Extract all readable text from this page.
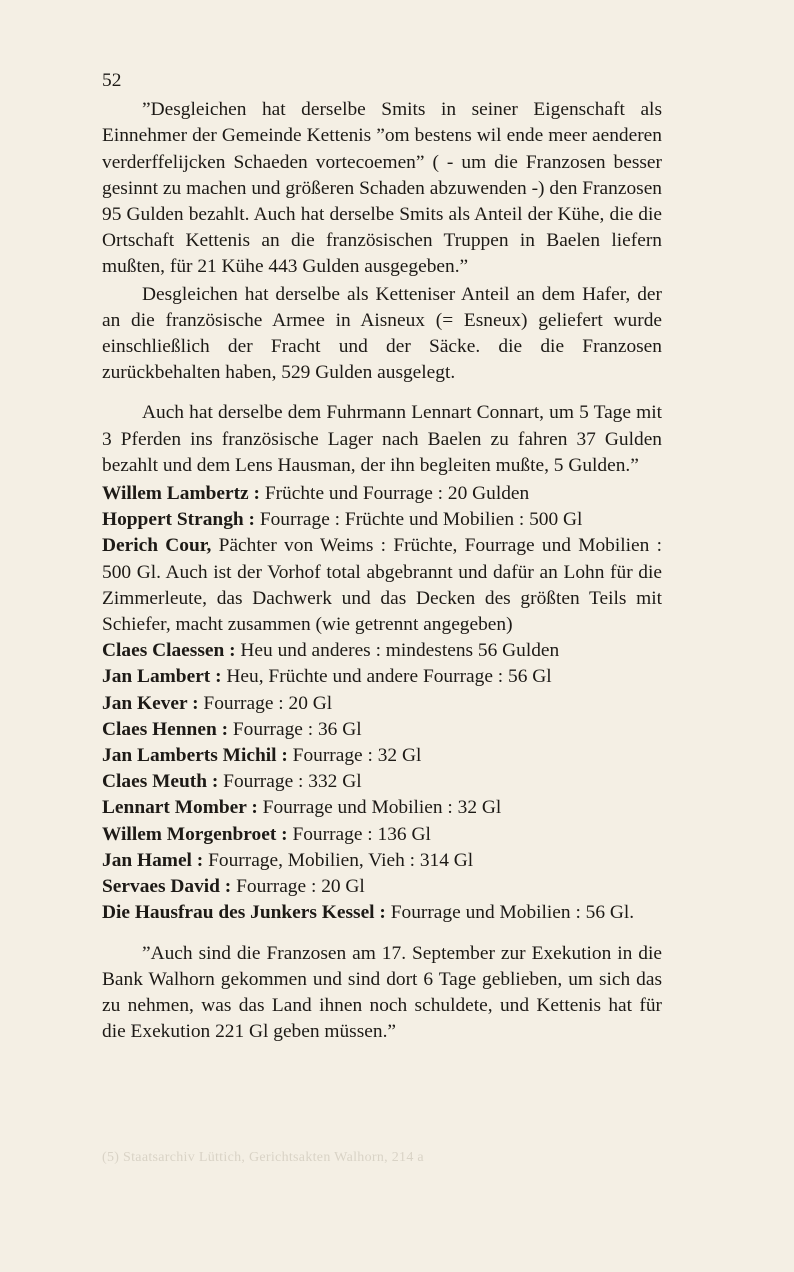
52

”Desgleichen hat derselbe Smits in seiner Eigenschaft als Einnehmer der Gemeinde Kettenis ”om bestens wil ende meer aenderen verderffelijcken Schaeden vortecoemen” ( - um die Franzosen besser gesinnt zu machen und größeren Schaden abzuwenden -) den Franzosen 95 Gulden bezahlt. Auch hat derselbe Smits als Anteil der Kühe, die die Ortschaft Kettenis an die französischen Truppen in Baelen liefern mußten, für 21 Kühe 443 Gulden ausgegeben.”

Desgleichen hat derselbe als Ketteniser Anteil an dem Hafer, der an die französische Armee in Aisneux (= Esneux) geliefert wurde einschließlich der Fracht und der Säcke. die die Franzosen zurückbehalten haben, 529 Gulden ausgelegt.

Auch hat derselbe dem Fuhrmann Lennart Connart, um 5 Tage mit 3 Pferden ins französische Lager nach Baelen zu fahren 37 Gulden bezahlt und dem Lens Hausman, der ihn begleiten mußte, 5 Gulden.”

Willem Lambertz : Früchte und Fourrage : 20 Gulden

Hoppert Strangh : Fourrage : Früchte und Mobilien : 500 Gl

Derich Cour, Pächter von Weims : Früchte, Fourrage und Mobilien : 500 Gl. Auch ist der Vorhof total abgebrannt und dafür an Lohn für die Zimmerleute, das Dachwerk und das Decken des größten Teils mit Schiefer, macht zusammen (wie getrennt angegeben)

Claes Claessen : Heu und anderes : mindestens 56 Gulden

Jan Lambert : Heu, Früchte und andere Fourrage : 56 Gl

Jan Kever : Fourrage : 20 Gl

Claes Hennen : Fourrage : 36 Gl

Jan Lamberts Michil : Fourrage : 32 Gl

Claes Meuth : Fourrage : 332 Gl

Lennart Momber : Fourrage und Mobilien : 32 Gl

Willem Morgenbroet : Fourrage : 136 Gl

Jan Hamel : Fourrage, Mobilien, Vieh : 314 Gl

Servaes David : Fourrage : 20 Gl

Die Hausfrau des Junkers Kessel : Fourrage und Mobilien : 56 Gl.

”Auch sind die Franzosen am 17. September zur Exekution in die Bank Walhorn gekommen und sind dort 6 Tage geblieben, um sich das zu nehmen, was das Land ihnen noch schuldete, und Kettenis hat für die Exekution 221 Gl geben müssen.”

(5) Staatsarchiv Lüttich, Gerichtsakten Walhorn, 214 a
